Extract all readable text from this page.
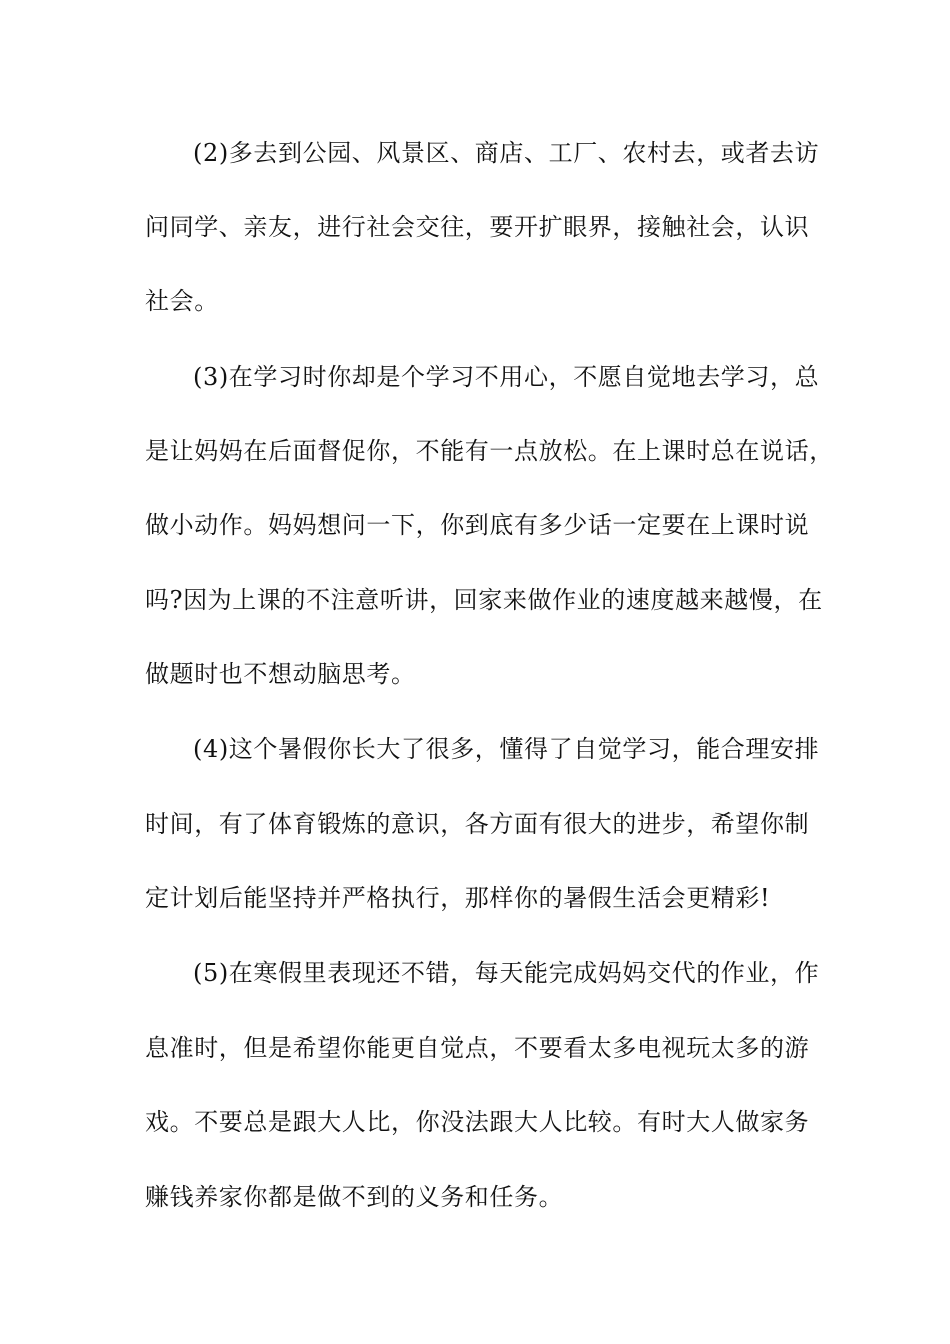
(2)多去到公园、风景区、商店、工厂、农村去，或者去访
问同学、亲友，进行社会交往，要开扩眼界，接触社会，认识
社会。
(3)在学习时你却是个学习不用心，不愿自觉地去学习，总
是让妈妈在后面督促你，不能有一点放松。在上课时总在说话，
做小动作。妈妈想问一下，你到底有多少话一定要在上课时说
吗?因为上课的不注意听讲，回家来做作业的速度越来越慢，在
做题时也不想动脑思考。
(4)这个暑假你长大了很多，懂得了自觉学习，能合理安排
时间，有了体育锻炼的意识，各方面有很大的进步，希望你制
定计划后能坚持并严格执行，那样你的暑假生活会更精彩!
(5)在寒假里表现还不错，每天能完成妈妈交代的作业，作
息准时，但是希望你能更自觉点，不要看太多电视玩太多的游
戏。不要总是跟大人比，你没法跟大人比较。有时大人做家务
赚钱养家你都是做不到的义务和任务。
